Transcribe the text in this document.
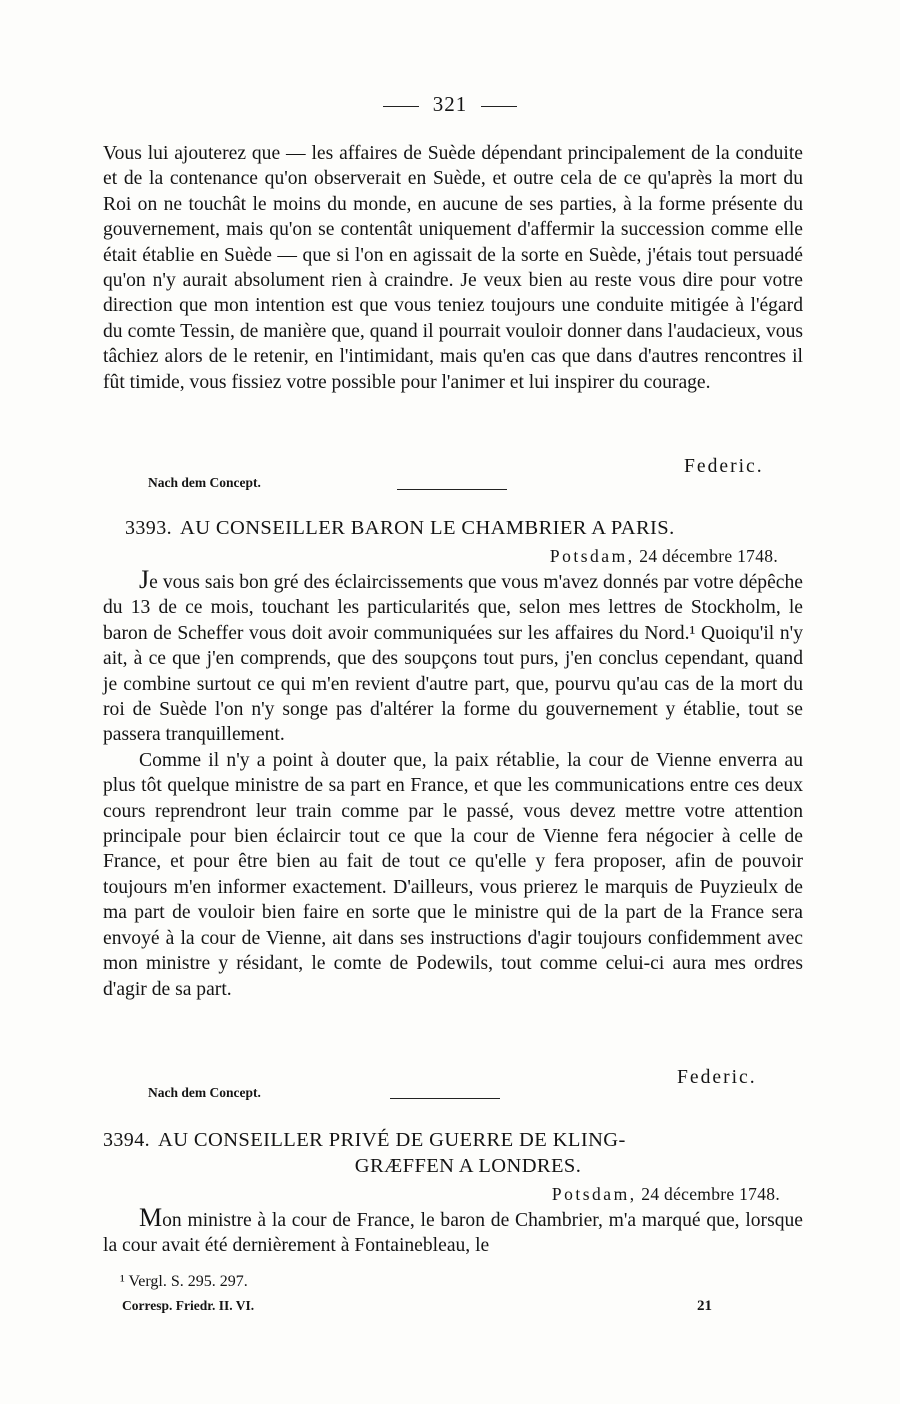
321

Vous lui ajouterez que — les affaires de Suède dépendant principalement de la conduite et de la contenance qu'on observerait en Suède, et outre cela de ce qu'après la mort du Roi on ne touchât le moins du monde, en aucune de ses parties, à la forme présente du gouvernement, mais qu'on se contentât uniquement d'affermir la succession comme elle était établie en Suède — que si l'on en agissait de la sorte en Suède, j'étais tout persuadé qu'on n'y aurait absolument rien à craindre. Je veux bien au reste vous dire pour votre direction que mon intention est que vous teniez toujours une conduite mitigée à l'égard du comte Tessin, de manière que, quand il pourrait vouloir donner dans l'audacieux, vous tâchiez alors de le retenir, en l'intimidant, mais qu'en cas que dans d'autres rencontres il fût timide, vous fissiez votre possible pour l'animer et lui inspirer du courage.

Federic.
Nach dem Concept.
3393. AU CONSEILLER BARON LE CHAMBRIER A PARIS.
Potsdam, 24 décembre 1748.

Je vous sais bon gré des éclaircissements que vous m'avez donnés par votre dépêche du 13 de ce mois, touchant les particularités que, selon mes lettres de Stockholm, le baron de Scheffer vous doit avoir communiquées sur les affaires du Nord.¹ Quoiqu'il n'y ait, à ce que j'en comprends, que des soupçons tout purs, j'en conclus cependant, quand je combine surtout ce qui m'en revient d'autre part, que, pourvu qu'au cas de la mort du roi de Suède l'on n'y songe pas d'altérer la forme du gouvernement y établie, tout se passera tranquillement.

Comme il n'y a point à douter que, la paix rétablie, la cour de Vienne enverra au plus tôt quelque ministre de sa part en France, et que les communications entre ces deux cours reprendront leur train comme par le passé, vous devez mettre votre attention principale pour bien éclaircir tout ce que la cour de Vienne fera négocier à celle de France, et pour être bien au fait de tout ce qu'elle y fera proposer, afin de pouvoir toujours m'en informer exactement. D'ailleurs, vous prierez le marquis de Puyzieulx de ma part de vouloir bien faire en sorte que le ministre qui de la part de la France sera envoyé à la cour de Vienne, ait dans ses instructions d'agir toujours confidemment avec mon ministre y résidant, le comte de Podewils, tout comme celui-ci aura mes ordres d'agir de sa part.

Federic.
Nach dem Concept.
3394. AU CONSEILLER PRIVÉ DE GUERRE DE KLING-
GRÆFFEN A LONDRES.
Potsdam, 24 décembre 1748.

Mon ministre à la cour de France, le baron de Chambrier, m'a marqué que, lorsque la cour avait été dernièrement à Fontainebleau, le

¹ Vergl. S. 295. 297.
Corresp. Friedr. II. VI.	21
